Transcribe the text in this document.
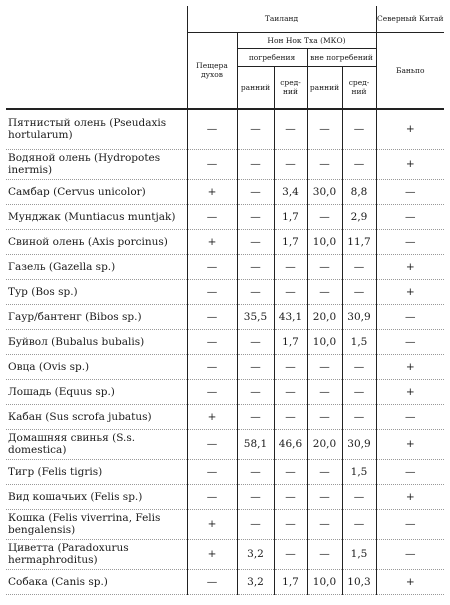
	Таиланд					Северный Китай
	Пещера духов	Нон Нок Тха (МКО)				Баньпо
		погребения		вне погребений		
		ранний	сред-ний	ранний	сред-ний	
Пятнистый олень (Pseudaxis hortularum)	—	—	—	—	—	+
Водяной олень (Hydropotes inermis)	—	—	—	—	—	+
Самбар (Cervus unicolor)	+	—	3,4	30,0	8,8	—
Мунджак (Muntiacus muntjak)	—	—	1,7	—	2,9	—
Свиной олень (Axis porcinus)	+	—	1,7	10,0	11,7	—
Газель (Gazella sp.)	—	—	—	—	—	+
Тур (Bos sp.)	—	—	—	—	—	+
Гаур/бантенг (Bibos sp.)	—	35,5	43,1	20,0	30,9	—
Буйвол (Bubalus bubalis)	—	—	1,7	10,0	1,5	—
Овца (Ovis sp.)	—	—	—	—	—	+
Лошадь (Equus sp.)	—	—	—	—	—	+
Кабан (Sus scrofa jubatus)	+	—	—	—	—	—
Домашняя свинья (S.s. domestica)	—	58,1	46,6	20,0	30,9	+
Тигр (Felis tigris)	—	—	—	—	1,5	—
Вид кошачьих (Felis sp.)	—	—	—	—	—	+
Кошка (Felis viverrina, Felis bengalensis)	+	—	—	—	—	—
Циветта (Paradoxurus hermaphroditus)	+	3,2	—	—	1,5	—
Собака (Canis sp.)	—	3,2	1,7	10,0	10,3	+
